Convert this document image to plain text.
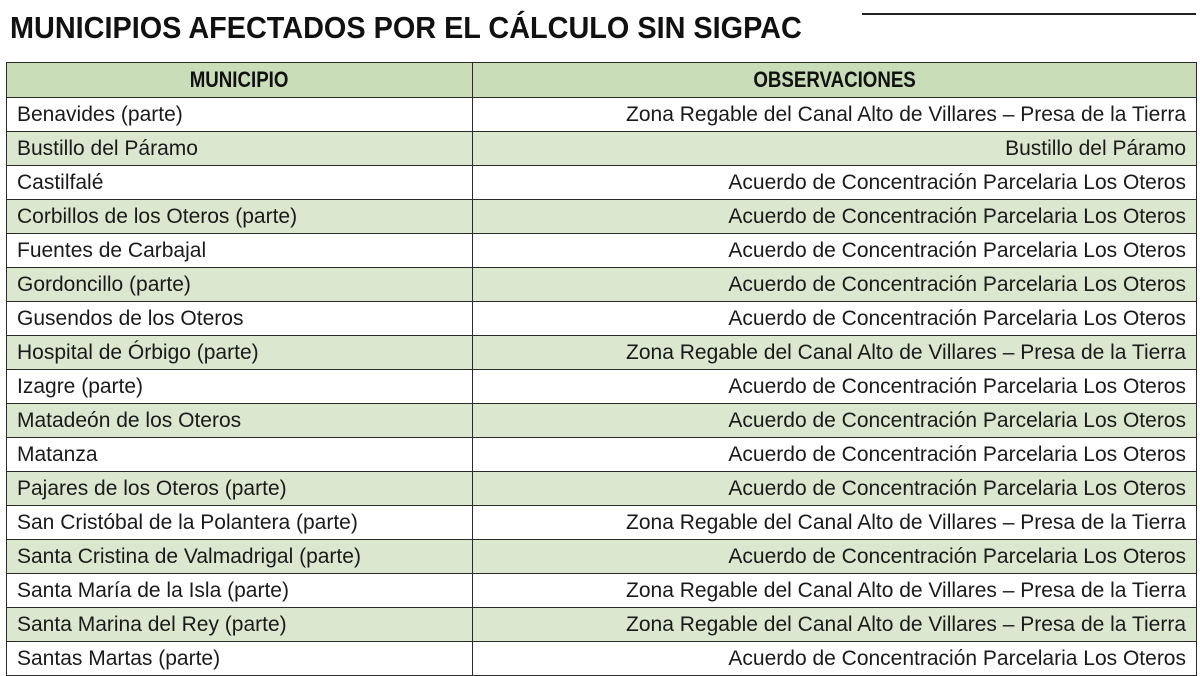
MUNICIPIOS AFECTADOS POR EL CÁLCULO SIN SIGPAC
MUNICIPIO	OBSERVACIONES
Benavides (parte)	Zona Regable del Canal Alto de Villares – Presa de la Tierra
Bustillo del Páramo	Bustillo del Páramo
Castilfalé	Acuerdo de Concentración Parcelaria Los Oteros
Corbillos de los Oteros (parte)	Acuerdo de Concentración Parcelaria Los Oteros
Fuentes de Carbajal	Acuerdo de Concentración Parcelaria Los Oteros
Gordoncillo (parte)	Acuerdo de Concentración Parcelaria Los Oteros
Gusendos de los Oteros	Acuerdo de Concentración Parcelaria Los Oteros
Hospital de Órbigo (parte)	Zona Regable del Canal Alto de Villares – Presa de la Tierra
Izagre (parte)	Acuerdo de Concentración Parcelaria Los Oteros
Matadeón de los Oteros	Acuerdo de Concentración Parcelaria Los Oteros
Matanza	Acuerdo de Concentración Parcelaria Los Oteros
Pajares de los Oteros (parte)	Acuerdo de Concentración Parcelaria Los Oteros
San Cristóbal de la Polantera (parte)	Zona Regable del Canal Alto de Villares – Presa de la Tierra
Santa Cristina de Valmadrigal (parte)	Acuerdo de Concentración Parcelaria Los Oteros
Santa María de la Isla (parte)	Zona Regable del Canal Alto de Villares – Presa de la Tierra
Santa Marina del Rey (parte)	Zona Regable del Canal Alto de Villares – Presa de la Tierra
Santas Martas (parte)	Acuerdo de Concentración Parcelaria Los Oteros
